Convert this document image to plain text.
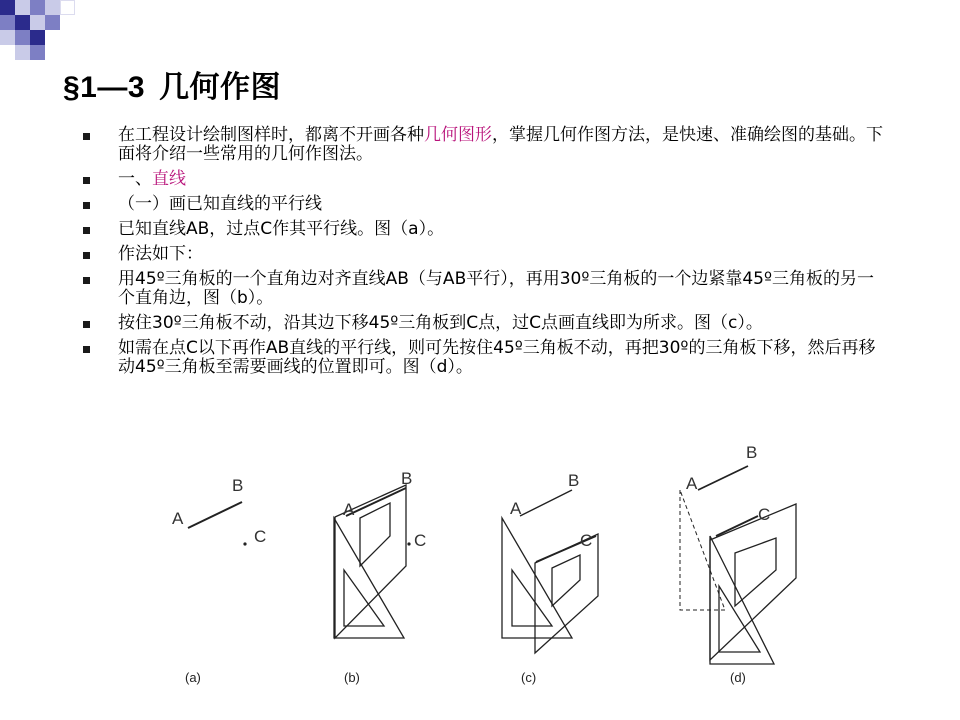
§1—3 几何作图
在工程设计绘制图样时，都离不开画各种几何图形，掌握几何作图方法，是快速、准确绘图的基础。下面将介绍一些常用的几何作图法。
一、直线
（一）画已知直线的平行线
已知直线AB，过点C作其平行线。图（a）。
作法如下：
用45º三角板的一个直角边对齐直线AB（与AB平行），再用30º三角板的一个边紧靠45º三角板的另一个直角边，图（b）。
按住30º三角板不动，沿其边下移45º三角板到C点，过C点画直线即为所求。图（c）。
如需在点C以下再作AB直线的平行线，则可先按住45º三角板不动，再把30º的三角板下移，然后再移动45º三角板至需要画线的位置即可。图（d）。
A
B
C
A
B
C
A
B
C
A
B
C
(a)	(b)	(c)	(d)
